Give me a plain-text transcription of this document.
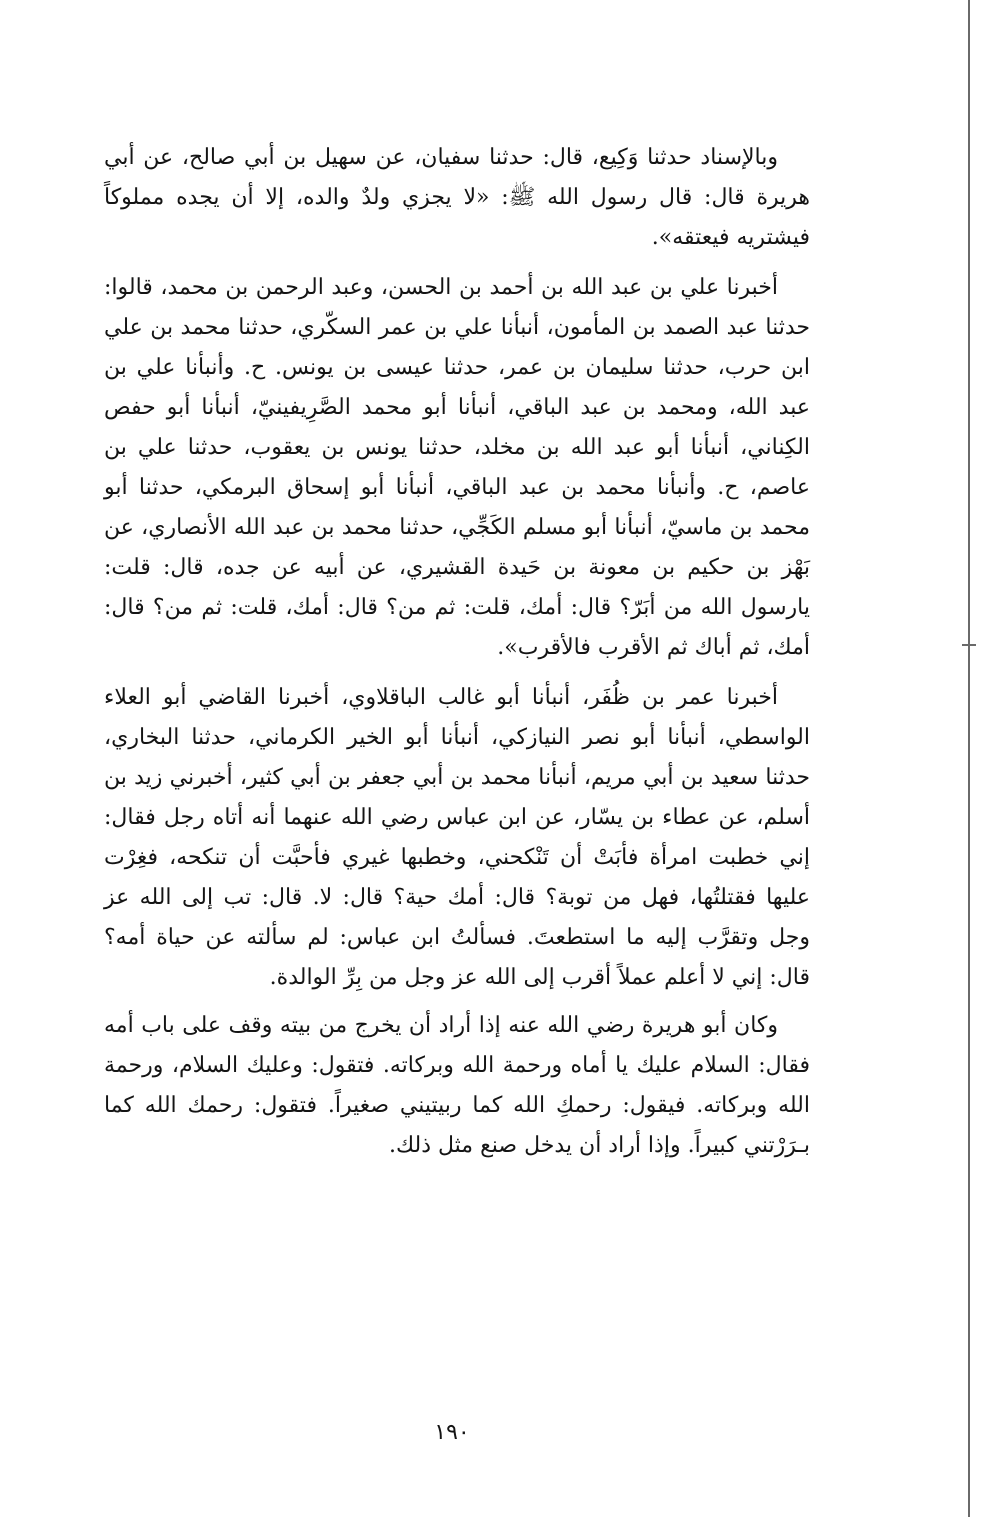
وبالإسناد حدثنا وَكِيع، قال: حدثنا سفيان، عن سهيل بن أبي صالح، عن أبي هريرة قال: قال رسول الله ﷺ: «لا يجزي ولدٌ والده، إلا أن يجده مملوكاً فيشتريه فيعتقه».

أخبرنا علي بن عبد الله بن أحمد بن الحسن، وعبد الرحمن بن محمد، قالوا: حدثنا عبد الصمد بن المأمون، أنبأنا علي بن عمر السكّري، حدثنا محمد بن علي ابن حرب، حدثنا سليمان بن عمر، حدثنا عيسى بن يونس. ح. وأنبأنا علي بن عبد الله، ومحمد بن عبد الباقي، أنبأنا أبو محمد الصَّرِيفينيّ، أنبأنا أبو حفص الكِناني، أنبأنا أبو عبد الله بن مخلد، حدثنا يونس بن يعقوب، حدثنا علي بن عاصم، ح. وأنبأنا محمد بن عبد الباقي، أنبأنا أبو إسحاق البرمكي، حدثنا أبو محمد بن ماسيّ، أنبأنا أبو مسلم الكَجِّي، حدثنا محمد بن عبد الله الأنصاري، عن بَهْز بن حكيم بن معونة بن حَيدة القشيري، عن أبيه عن جده، قال: قلت: يارسول الله من أبَرّ؟ قال: أمك، قلت: ثم من؟ قال: أمك، قلت: ثم من؟ قال: أمك، ثم أباك ثم الأقرب فالأقرب».

أخبرنا عمر بن ظُفَر، أنبأنا أبو غالب الباقلاوي، أخبرنا القاضي أبو العلاء الواسطي، أنبأنا أبو نصر النيازكي، أنبأنا أبو الخير الكرماني، حدثنا البخاري، حدثنا سعيد بن أبي مريم، أنبأنا محمد بن أبي جعفر بن أبي كثير، أخبرني زيد بن أسلم، عن عطاء بن يسّار، عن ابن عباس رضي الله عنهما أنه أتاه رجل فقال: إني خطبت امرأة فأبَتْ أن تَنْكحني، وخطبها غيري فأحبَّت أن تنكحه، فغِرْت عليها فقتلتُها، فهل من توبة؟ قال: أمك حية؟ قال: لا. قال: تب إلى الله عز وجل وتقرَّب إليه ما استطعتَ. فسألتُ ابن عباس: لم سألته عن حياة أمه؟ قال: إني لا أعلم عملاً أقرب إلى الله عز وجل من بِرِّ الوالدة.

وكان أبو هريرة رضي الله عنه إذا أراد أن يخرج من بيته وقف على باب أمه فقال: السلام عليك يا أماه ورحمة الله وبركاته. فتقول: وعليك السلام، ورحمة الله وبركاته. فيقول: رحمكِ الله كما ربيتيني صغيراً. فتقول: رحمك الله كما بـرَرْتني كبيراً. وإذا أراد أن يدخل صنع مثل ذلك.

١٩٠
